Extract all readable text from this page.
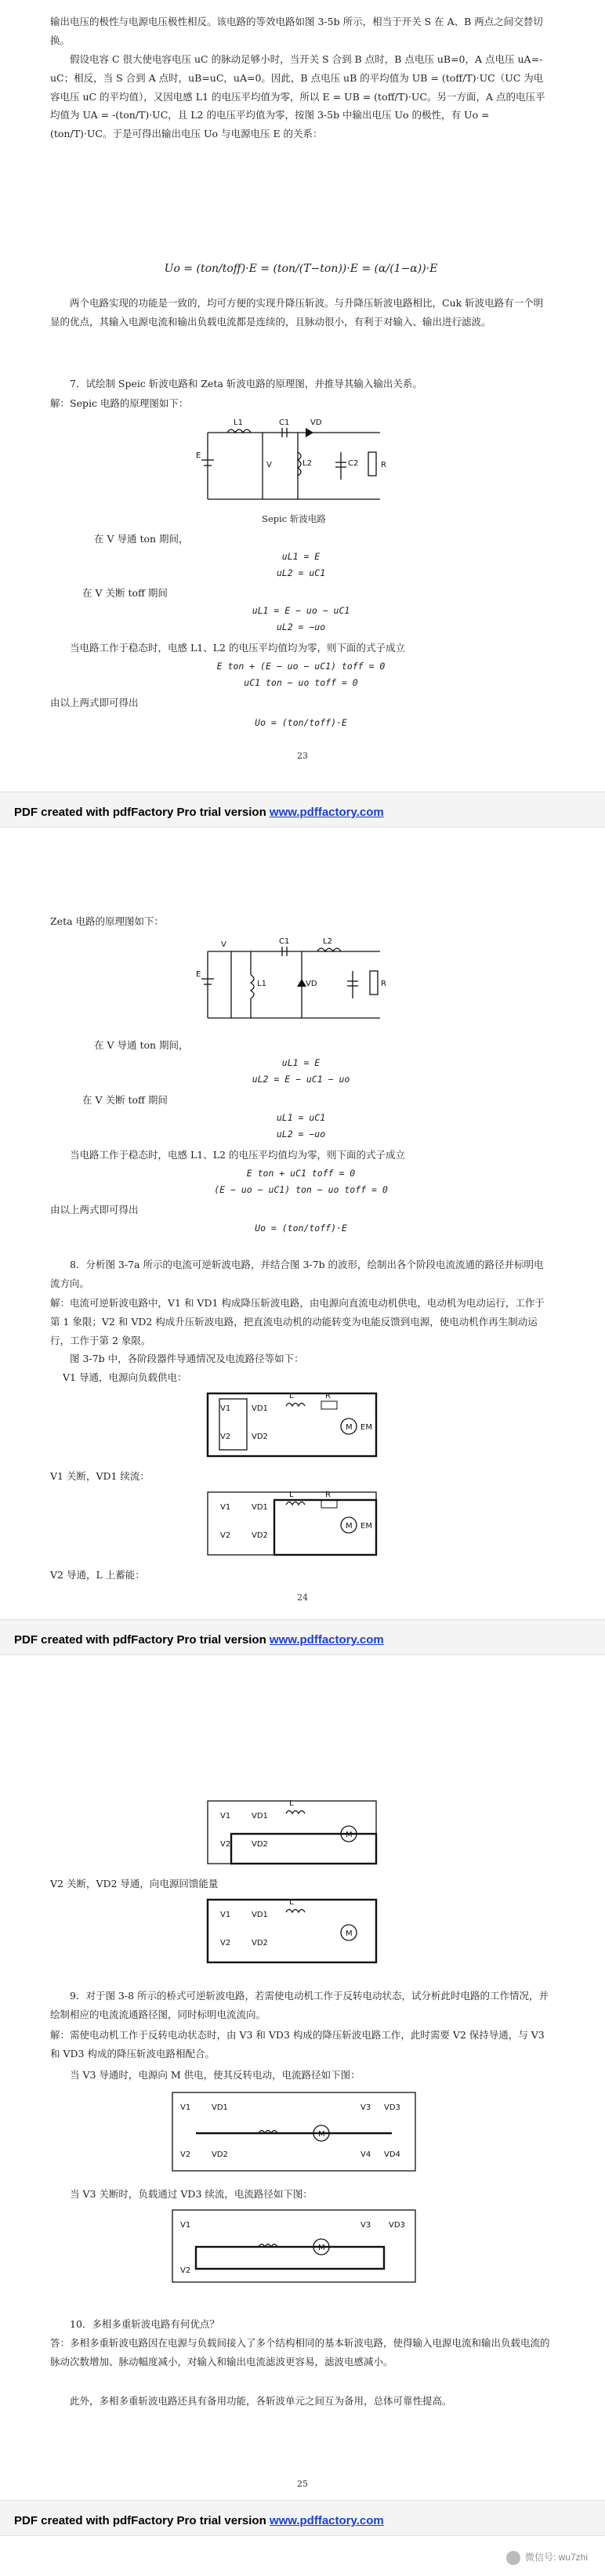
输出电压的极性与电源电压极性相反。该电路的等效电路如图 3-5b 所示，相当于开关 S 在 A、B 两点之间交替切换。

假设电容 C 很大使电容电压 uC 的脉动足够小时，当开关 S 合到 B 点时，B 点电压 uB=0，A 点电压 uA=-uC；相反，当 S 合到 A 点时，uB=uC，uA=0。因此，B 点电压 uB 的平均值为 UB = (toff/T)·UC（UC 为电容电压 uC 的平均值），又因电感 L1 的电压平均值为零，所以 E = UB = (toff/T)·UC。另一方面，A 点的电压平均值为 UA = -(ton/T)·UC，且 L2 的电压平均值为零，按图 3-5b 中输出电压 Uo 的极性，有 Uo = (ton/T)·UC。于是可得出输出电压 Uo 与电源电压 E 的关系：

Uo = (ton/toff)·E = (ton/(T−ton))·E = (α/(1−α))·E

两个电路实现的功能是一致的，均可方便的实现升降压斩波。与升降压斩波电路相比，Cuk 斩波电路有一个明显的优点，其输入电源电流和输出负载电流都是连续的，且脉动很小，有利于对输入、输出进行滤波。

7．试绘制 Speic 斩波电路和 Zeta 斩波电路的原理图，并推导其输入输出关系。

解：Sepic 电路的原理图如下：

E
L1
V
C1	VD
L2	C2	R
Sepic 斩波电路

在 V 导通 ton 期间，

uL1 = E
uL2 = uC1

在 V 关断 toff 期间

uL1 = E − uo − uC1
uL2 = −uo

当电路工作于稳态时，电感 L1、L2 的电压平均值均为零，则下面的式子成立

E ton + (E − uo − uC1) toff = 0
uC1 ton − uo toff = 0

由以上两式即可得出

Uo = (ton/toff)·E
23
PDF created with pdfFactory Pro trial version www.pdffactory.com

Zeta 电路的原理图如下：

E
V
L1
C1
VD
L2
R

在 V 导通 ton 期间，

uL1 = E
uL2 = E − uC1 − uo

在 V 关断 toff 期间

uL1 = uC1
uL2 = −uo

当电路工作于稳态时，电感 L1、L2 的电压平均值均为零，则下面的式子成立

E ton + uC1 toff = 0
(E − uo − uC1) ton − uo toff = 0

由以上两式即可得出

Uo = (ton/toff)·E

8．分析图 3-7a 所示的电流可逆斩波电路，并结合图 3-7b 的波形，绘制出各个阶段电流流通的路径并标明电流方向。

解：电流可逆斩波电路中，V1 和 VD1 构成降压斩波电路，由电源向直流电动机供电，电动机为电动运行，工作于第 1 象限；V2 和 VD2 构成升压斩波电路，把直流电动机的动能转变为电能反馈到电源，使电动机作再生制动运行，工作于第 2 象限。

图 3-7b 中，各阶段器件导通情况及电流路径等如下：

V1 导通，电源向负载供电：

V1
V2
VD1
VD2
L	R
M EM

V1 关断，VD1 续流：

V1
V2
VD1
VD2
L	R
M EM

V2 导通，L 上蓄能：

24
PDF created with pdfFactory Pro trial version www.pdffactory.com
V1
V2
VD1
VD2
L
M

V2 关断，VD2 导通，向电源回馈能量

V1
V2
VD1
VD2
L
M

9．对于图 3-8 所示的桥式可逆斩波电路，若需使电动机工作于反转电动状态，试分析此时电路的工作情况，并绘制相应的电流流通路径图，同时标明电流流向。

解：需使电动机工作于反转电动状态时，由 V3 和 VD3 构成的降压斩波电路工作，此时需要 V2 保持导通，与 V3 和 VD3 构成的降压斩波电路相配合。

当 V3 导通时，电源向 M 供电，使其反转电动，电流路径如下图：

V1
V2
VD1
VD2
V3
V4
VD3
VD4
M

当 V3 关断时，负载通过 VD3 续流，电流路径如下图：

V1
V2
V3 VD3
M

10．多相多重斩波电路有何优点？

答：多相多重斩波电路因在电源与负载间接入了多个结构相同的基本斩波电路，使得输入电源电流和输出负载电流的脉动次数增加、脉动幅度减小，对输入和输出电流滤波更容易，滤波电感减小。

此外，多相多重斩波电路还具有备用功能，各斩波单元之间互为备用，总体可靠性提高。

25
PDF created with pdfFactory Pro trial version www.pdffactory.com
微信号: wu7zhi
